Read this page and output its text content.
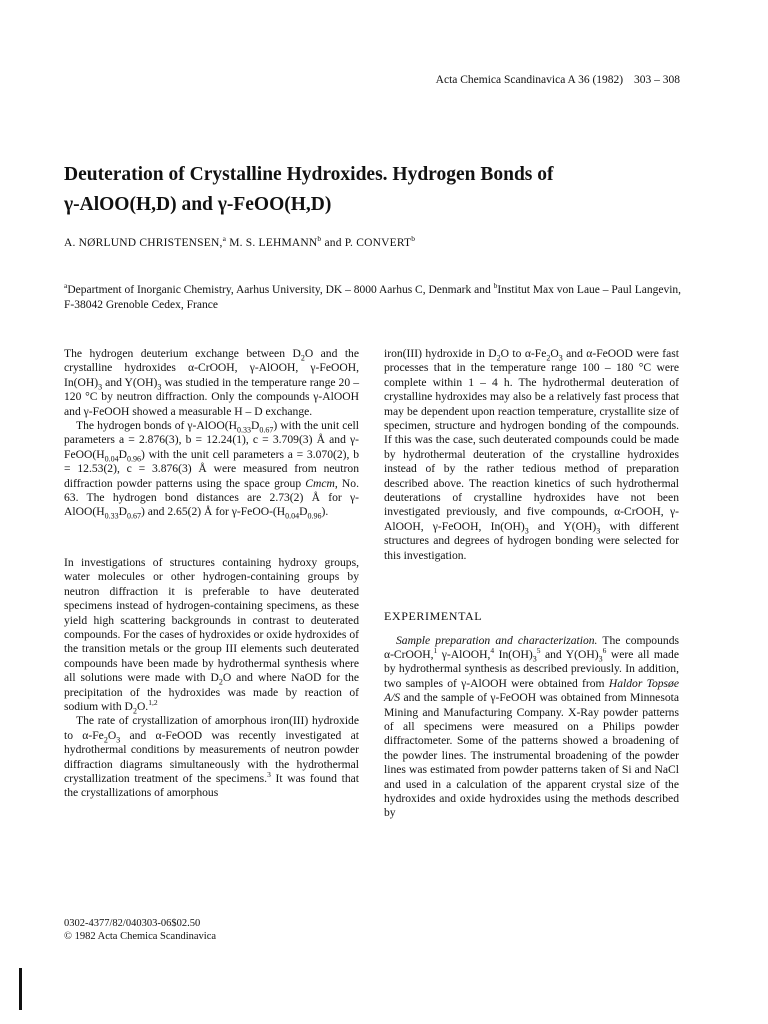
Acta Chemica Scandinavica A 36 (1982) 303 – 308
Deuteration of Crystalline Hydroxides. Hydrogen Bonds of
γ-AlOO(H,D) and γ-FeOO(H,D)
A. NØRLUND CHRISTENSEN,$^a$ M. S. LEHMANN$^b$ and P. CONVERT$^b$

$^a$Department of Inorganic Chemistry, Aarhus University, DK – 8000 Aarhus C, Denmark and $^b$Institut Max von Laue – Paul Langevin, F-38042 Grenoble Cedex, France

The hydrogen deuterium exchange between $D_2O$ and the crystalline hydroxides α-CrOOH, γ-AlOOH, γ-FeOOH, $In(OH)_3$ and $Y(OH)_3$ was studied in the temperature range 20 – 120 °C by neutron diffraction. Only the compounds γ-AlOOH and γ-FeOOH showed a measurable H – D exchange.

The hydrogen bonds of $\gamma-AlOO(H_{0.33}D_{0.67})$ with the unit cell parameters a = 2.876(3), b = 12.24(1), c = 3.709(3) Å and $\gamma-FeOO(H_{0.04}D_{0.96})$ with the unit cell parameters a = 3.070(2), b = 12.53(2), c = 3.876(3) Å were measured from neutron diffraction powder patterns using the space group Cmcm, No. 63. The hydrogen bond distances are 2.73(2) Å for $\gamma-AlOO(H_{0.33}D_{0.67})$ and 2.65(2) Å for $\gamma-FeOO-(H_{0.04}D_{0.96})$.

In investigations of structures containing hydroxy groups, water molecules or other hydrogen-containing groups by neutron diffraction it is preferable to have deuterated specimens instead of hydrogen-containing specimens, as these yield high scattering backgrounds in contrast to deuterated compounds. For the cases of hydroxides or oxide hydroxides of the transition metals or the group III elements such deuterated compounds have been made by hydrothermal synthesis where all solutions were made with $D_2O$ and where NaOD for the precipitation of the hydroxides was made by reaction of sodium with $D_2O.^{1,2}$

The rate of crystallization of amorphous iron(III) hydroxide to $\alpha-Fe_2O_3$ and α-FeOOD was recently investigated at hydrothermal conditions by measurements of neutron powder diffraction diagrams simultaneously with the hydrothermal crystallization treatment of the specimens.$^3$ It was found that the crystallizations of amorphous

iron(III) hydroxide in $D_2O$ to $\alpha-Fe_2O_3$ and α-FeOOD were fast processes that in the temperature range 100 – 180 °C were complete within 1 – 4 h. The hydrothermal deuteration of crystalline hydroxides may also be a relatively fast process that may be dependent upon reaction temperature, crystallite size of specimen, structure and hydrogen bonding of the compounds. If this was the case, such deuterated compounds could be made by hydrothermal deuteration of the crystalline hydroxides instead of by the rather tedious method of preparation described above. The reaction kinetics of such hydrothermal deuterations of crystalline hydroxides have not been investigated previously, and five compounds, α-CrOOH, γ-AlOOH, γ-FeOOH, $In(OH)_3$ and $Y(OH)_3$ with different structures and degrees of hydrogen bonding were selected for this investigation.

EXPERIMENTAL

Sample preparation and characterization. The compounds α-CrOOH,$^1$ γ-AlOOH,$^4$ $In(OH)_3^5$ and $Y(OH)_3^6$ were all made by hydrothermal synthesis as described previously. In addition, two samples of γ-AlOOH were obtained from Haldor Topsøe A/S and the sample of γ-FeOOH was obtained from Minnesota Mining and Manufacturing Company. X-Ray powder patterns of all specimens were measured on a Philips powder diffractometer. Some of the patterns showed a broadening of the powder lines. The instrumental broadening of the powder lines was estimated from powder patterns taken of Si and NaCl and used in a calculation of the apparent crystal size of the hydroxides and oxide hydroxides using the methods described by

0302-4377/82/040303-06$02.50
© 1982 Acta Chemica Scandinavica
